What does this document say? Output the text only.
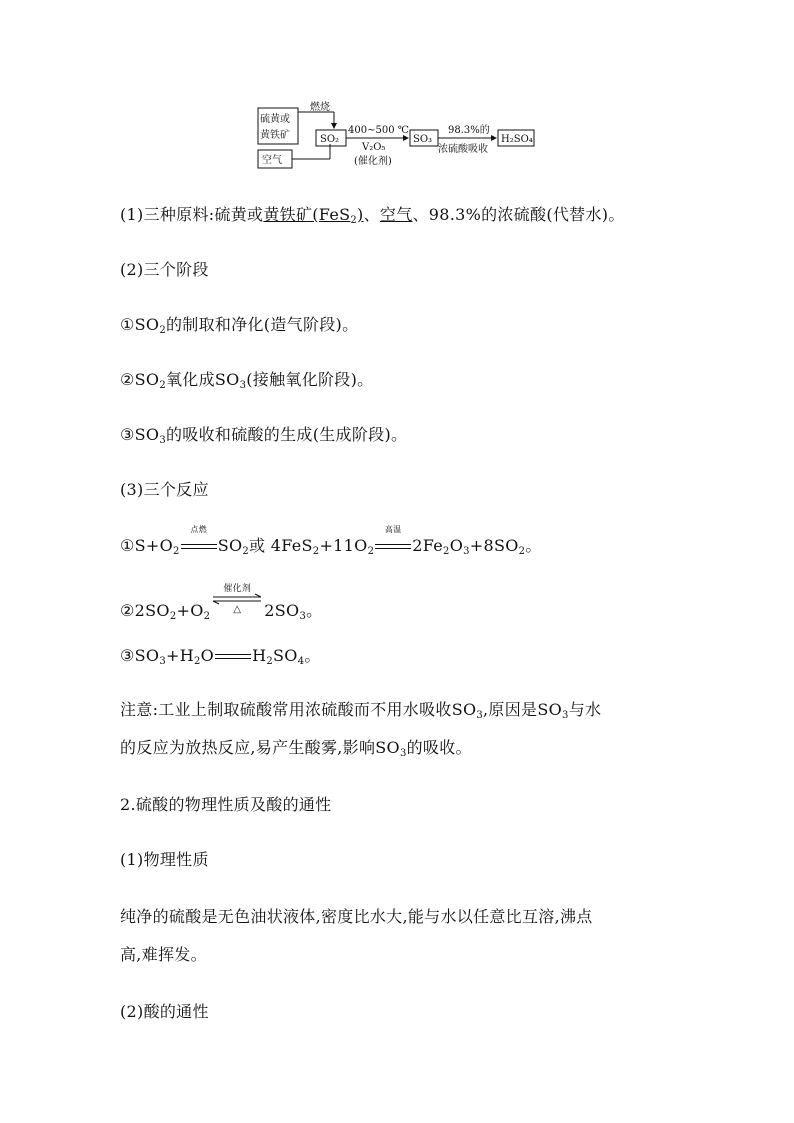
硫黄或
黄铁矿
空气
燃烧
SO₂
400~500 ℃
V₂O₅
(催化剂)
SO₃
98.3%的
浓硫酸吸收
H₂SO₄
(1)三种原料:硫黄或黄铁矿(FeS$_2$)、空气、98.3%的浓硫酸(代替水)。
(2)三个阶段
$①SO_2$的制取和净化(造气阶段)。
$②SO_2$氧化成$SO_3$(接触氧化阶段)。
$③SO_3$的吸收和硫酸的生成(生成阶段)。
(3)三个反应
$①S+O_2$
点燃
$SO_2$或 $4FeS_2+11O_2$
高温
$2Fe_2O_3+8SO_2$。
$②2SO_2+O_2$
催化剂
△	$2SO_3$。
$③SO_3+H_2O$ $H_2SO_4$。
注意:工业上制取硫酸常用浓硫酸而不用水吸收$SO_3$,原因是$SO_3$与水
的反应为放热反应,易产生酸雾,影响$SO_3$的吸收。
2.硫酸的物理性质及酸的通性
(1)物理性质
纯净的硫酸是无色油状液体,密度比水大,能与水以任意比互溶,沸点
高,难挥发。
(2)酸的通性
